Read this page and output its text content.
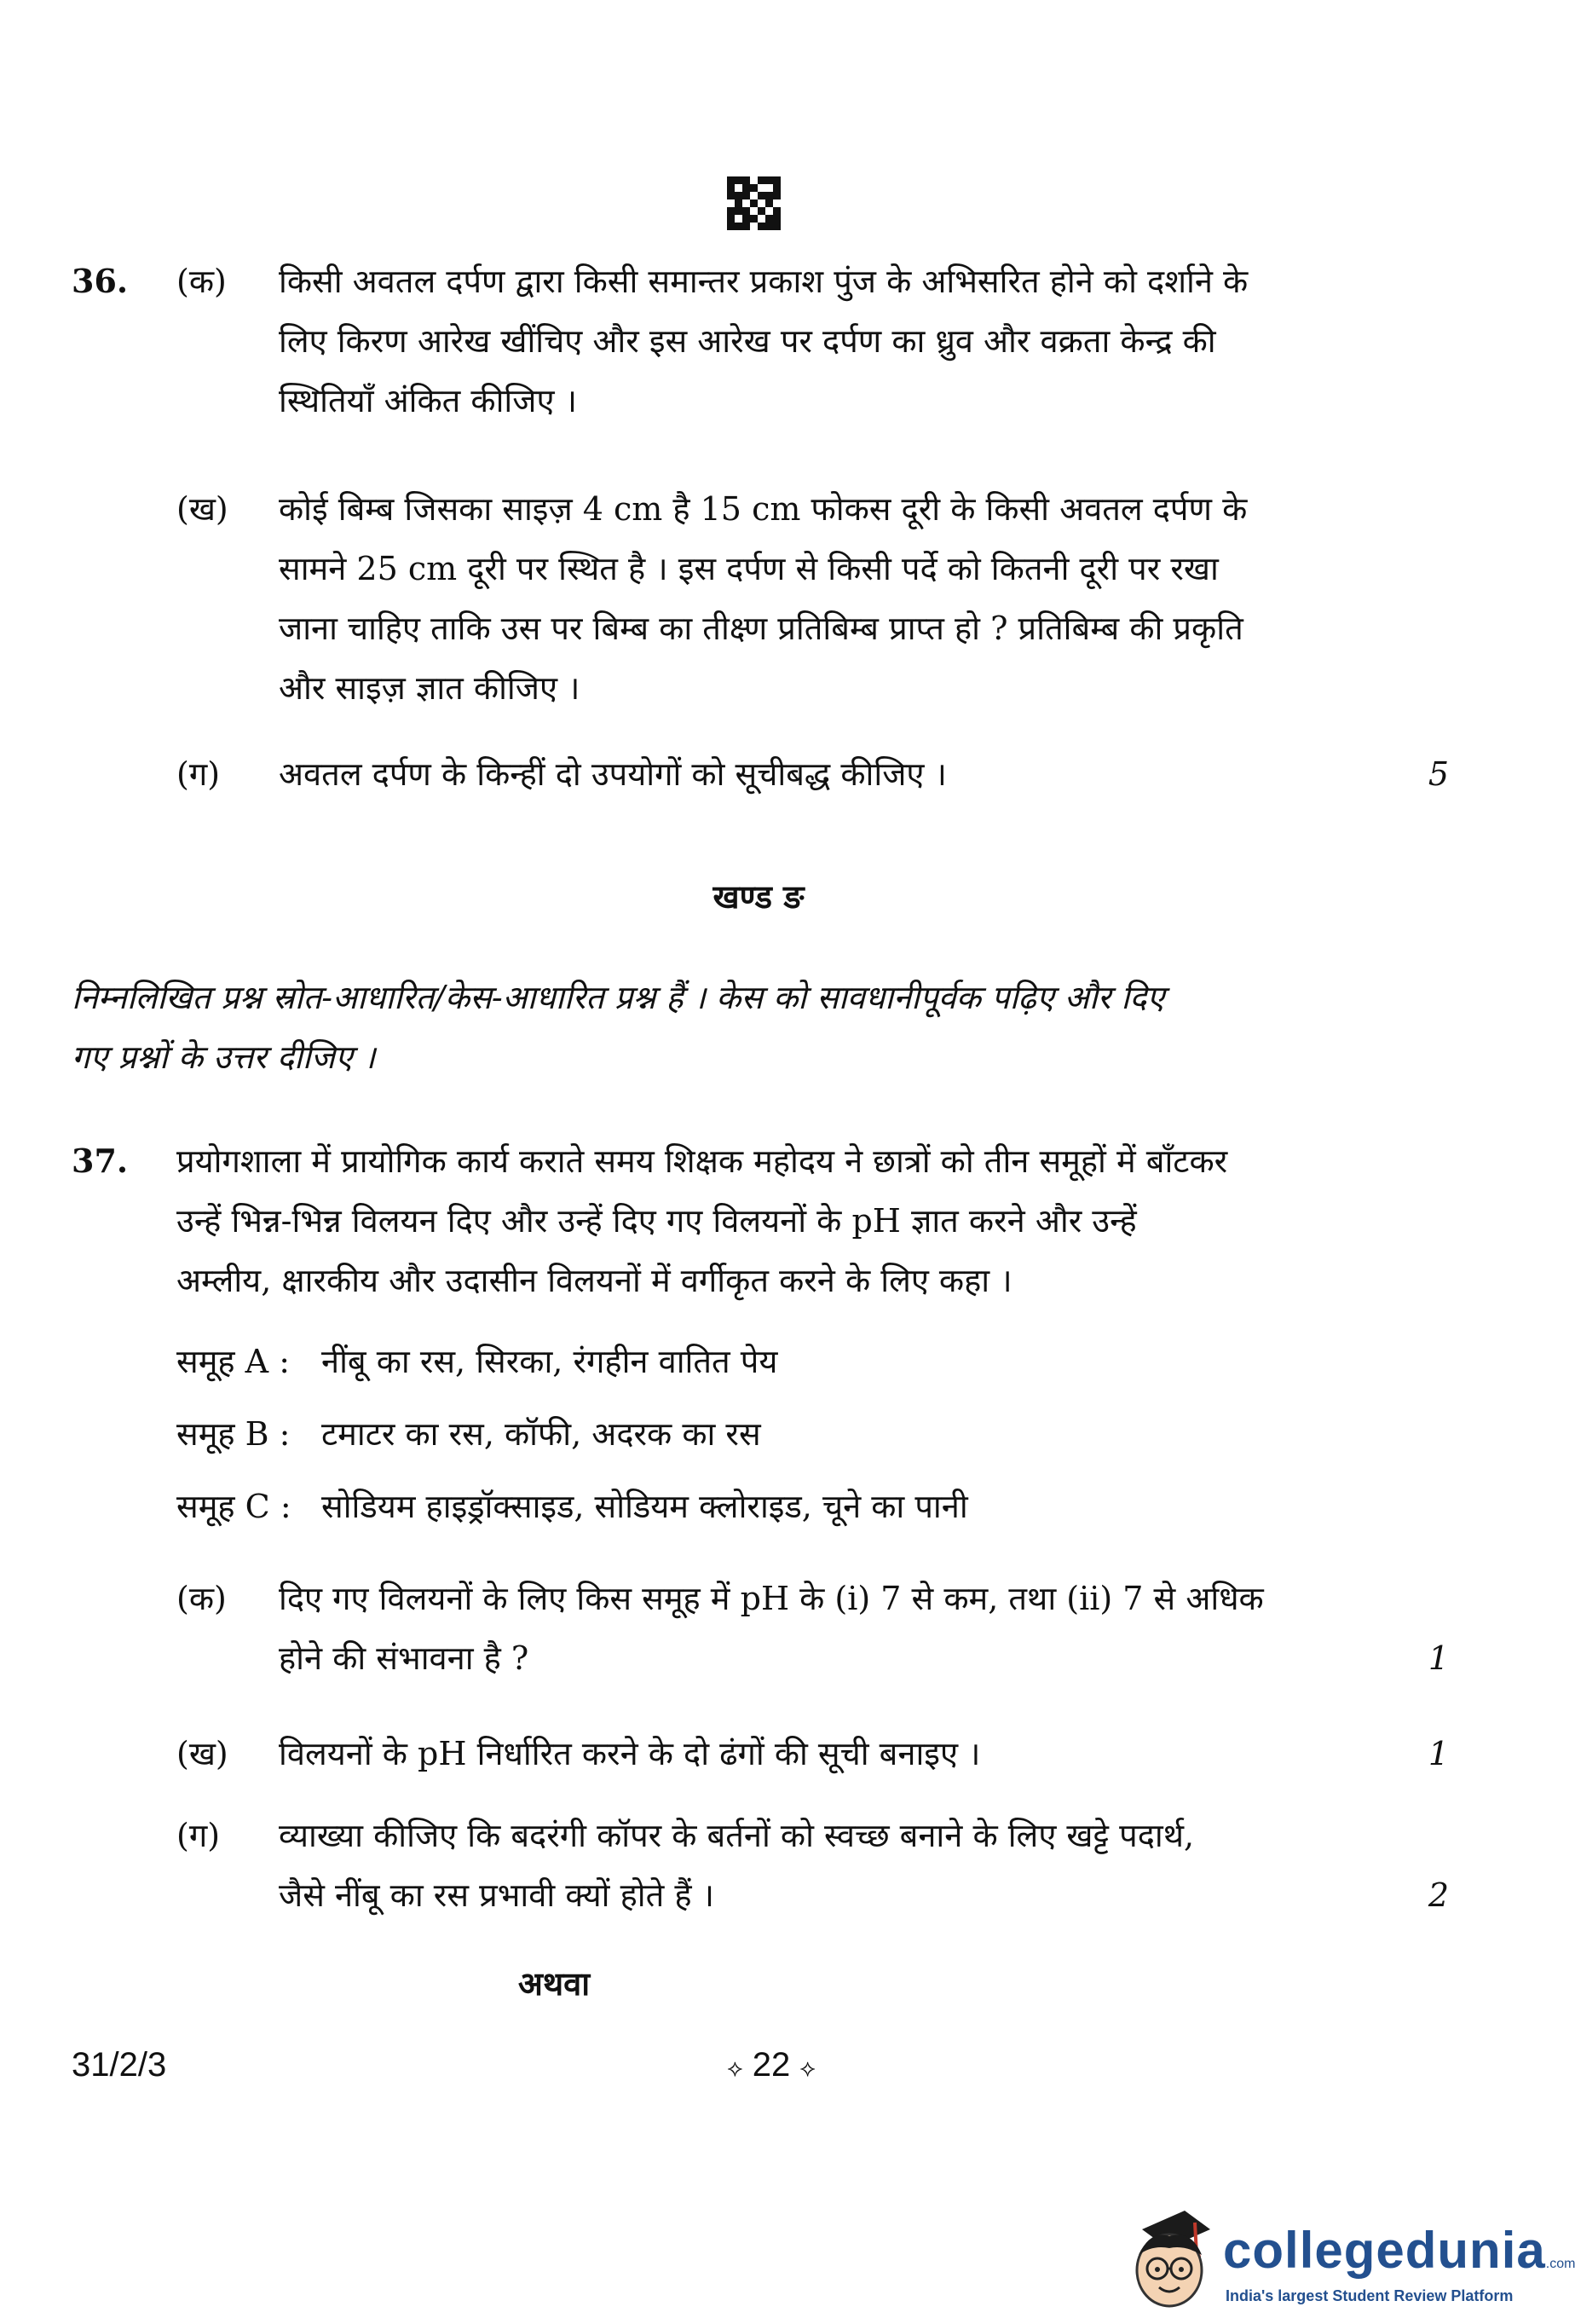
36. (क) किसी अवतल दर्पण द्वारा किसी समान्तर प्रकाश पुंज के अभिसरित होने को दर्शाने के
लिए किरण आरेख खींचिए और इस आरेख पर दर्पण का ध्रुव और वक्रता केन्द्र की
स्थितियाँ अंकित कीजिए ।
(ख) कोई बिम्ब जिसका साइज़ 4 cm है 15 cm फोकस दूरी के किसी अवतल दर्पण के
सामने 25 cm दूरी पर स्थित है । इस दर्पण से किसी पर्दे को कितनी दूरी पर रखा
जाना चाहिए ताकि उस पर बिम्ब का तीक्ष्ण प्रतिबिम्ब प्राप्त हो ? प्रतिबिम्ब की प्रकृति
और साइज़ ज्ञात कीजिए ।
(ग) अवतल दर्पण के किन्हीं दो उपयोगों को सूचीबद्ध कीजिए ।	5
खण्ड ङ
निम्नलिखित प्रश्न स्रोत-आधारित/केस-आधारित प्रश्न हैं । केस को सावधानीपूर्वक पढ़िए और दिए
गए प्रश्नों के उत्तर दीजिए ।
37. प्रयोगशाला में प्रायोगिक कार्य कराते समय शिक्षक महोदय ने छात्रों को तीन समूहों में बाँटकर
उन्हें भिन्न-भिन्न विलयन दिए और उन्हें दिए गए विलयनों के pH ज्ञात करने और उन्हें
अम्लीय, क्षारकीय और उदासीन विलयनों में वर्गीकृत करने के लिए कहा ।
समूह A : नींबू का रस, सिरका, रंगहीन वातित पेय
समूह B : टमाटर का रस, कॉफी, अदरक का रस
समूह C : सोडियम हाइड्रॉक्साइड, सोडियम क्लोराइड, चूने का पानी
(क) दिए गए विलयनों के लिए किस समूह में pH के (i) 7 से कम, तथा (ii) 7 से अधिक
होने की संभावना है ?	1
(ख) विलयनों के pH निर्धारित करने के दो ढंगों की सूची बनाइए ।	1
(ग) व्याख्या कीजिए कि बदरंगी कॉपर के बर्तनों को स्वच्छ बनाने के लिए खट्टे पदार्थ,
जैसे नींबू का रस प्रभावी क्यों होते हैं ।	2
अथवा
31/2/3	⟡ 22 ⟡
collegedunia.com
India's largest Student Review Platform
